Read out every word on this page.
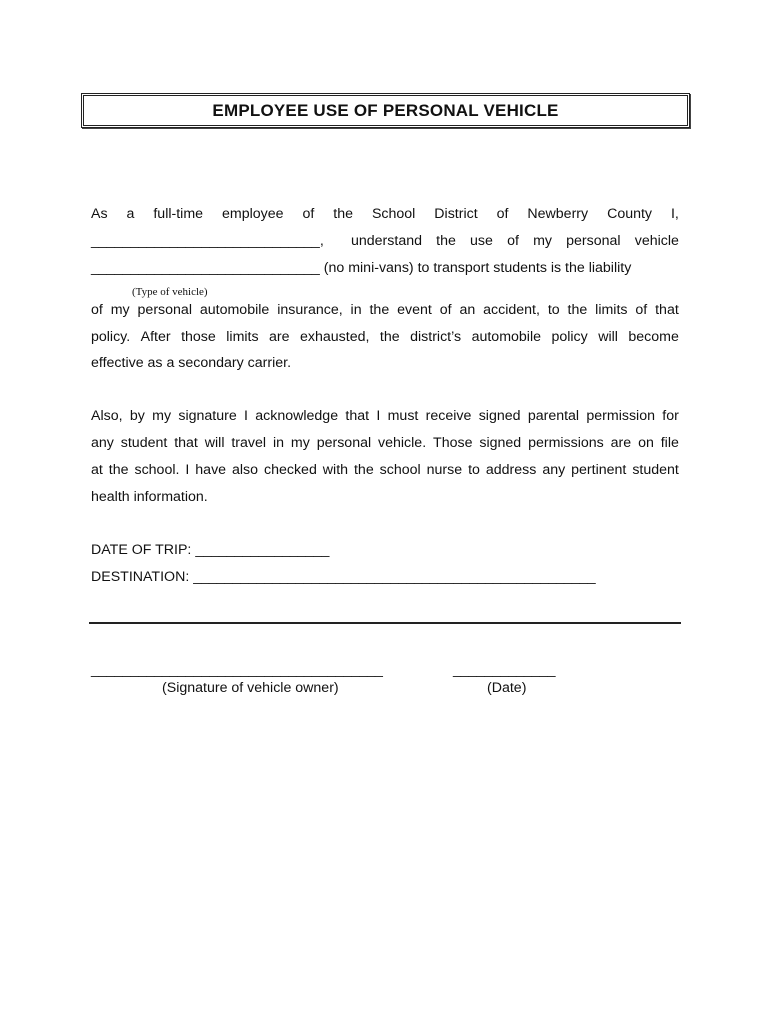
EMPLOYEE USE OF PERSONAL VEHICLE
As a full-time employee of the School District of Newberry County I,
_____________________________, understand the use of my personal vehicle
_____________________________ (no mini-vans) to transport students is the liability
(Type of vehicle)
of my personal automobile insurance, in the event of an accident, to the limits of that
policy. After those limits are exhausted, the district’s automobile policy will become
effective as a secondary carrier.
Also, by my signature I acknowledge that I must receive signed parental permission for
any student that will travel in my personal vehicle. Those signed permissions are on file
at the school. I have also checked with the school nurse to address any pertinent student
health information.
DATE OF TRIP: _________________
DESTINATION: ___________________________________________________
_____________________________________	_____________
(Signature of vehicle owner)	(Date)
